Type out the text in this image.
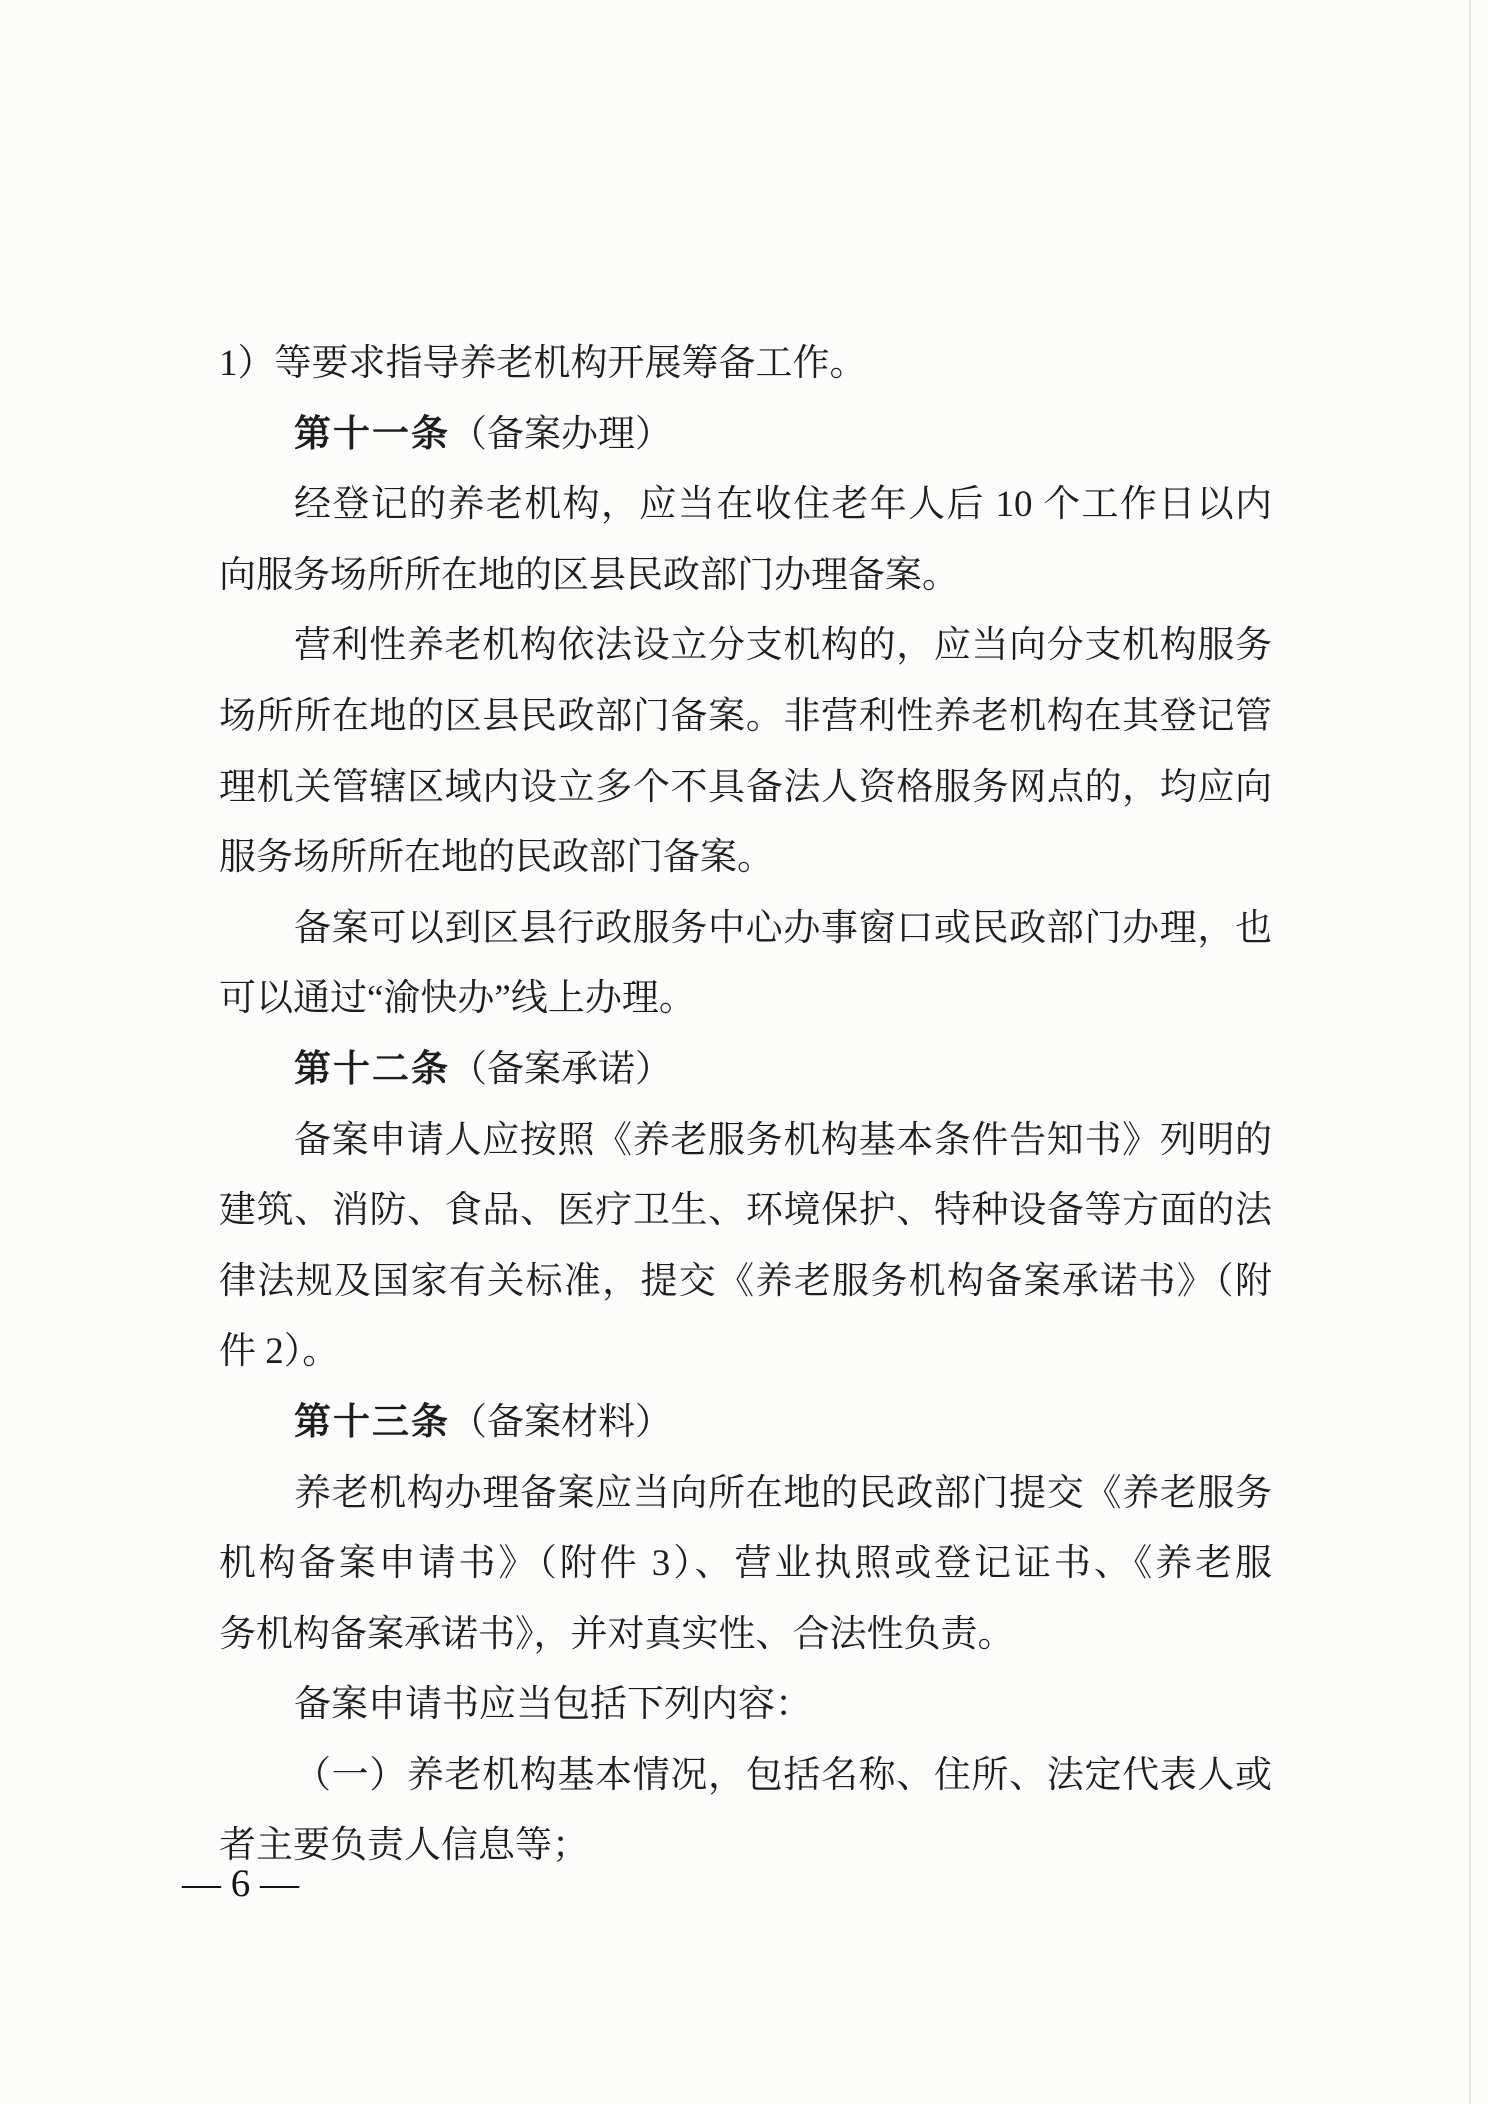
1）等要求指导养老机构开展筹备工作。
第十一条（备案办理）
经登记的养老机构，应当在收住老年人后 10 个工作日以内
向服务场所所在地的区县民政部门办理备案。
营利性养老机构依法设立分支机构的，应当向分支机构服务
场所所在地的区县民政部门备案。非营利性养老机构在其登记管
理机关管辖区域内设立多个不具备法人资格服务网点的，均应向
服务场所所在地的民政部门备案。
备案可以到区县行政服务中心办事窗口或民政部门办理，也
可以通过“渝快办”线上办理。
第十二条（备案承诺）
备案申请人应按照《养老服务机构基本条件告知书》列明的
建筑、消防、食品、医疗卫生、环境保护、特种设备等方面的法
律法规及国家有关标准，提交《养老服务机构备案承诺书》（附
件 2）。
第十三条（备案材料）
养老机构办理备案应当向所在地的民政部门提交《养老服务
机构备案申请书》（附件 3）、营业执照或登记证书、《养老服
务机构备案承诺书》，并对真实性、合法性负责。
备案申请书应当包括下列内容：
（一）养老机构基本情况，包括名称、住所、法定代表人或
者主要负责人信息等；
— 6 —
